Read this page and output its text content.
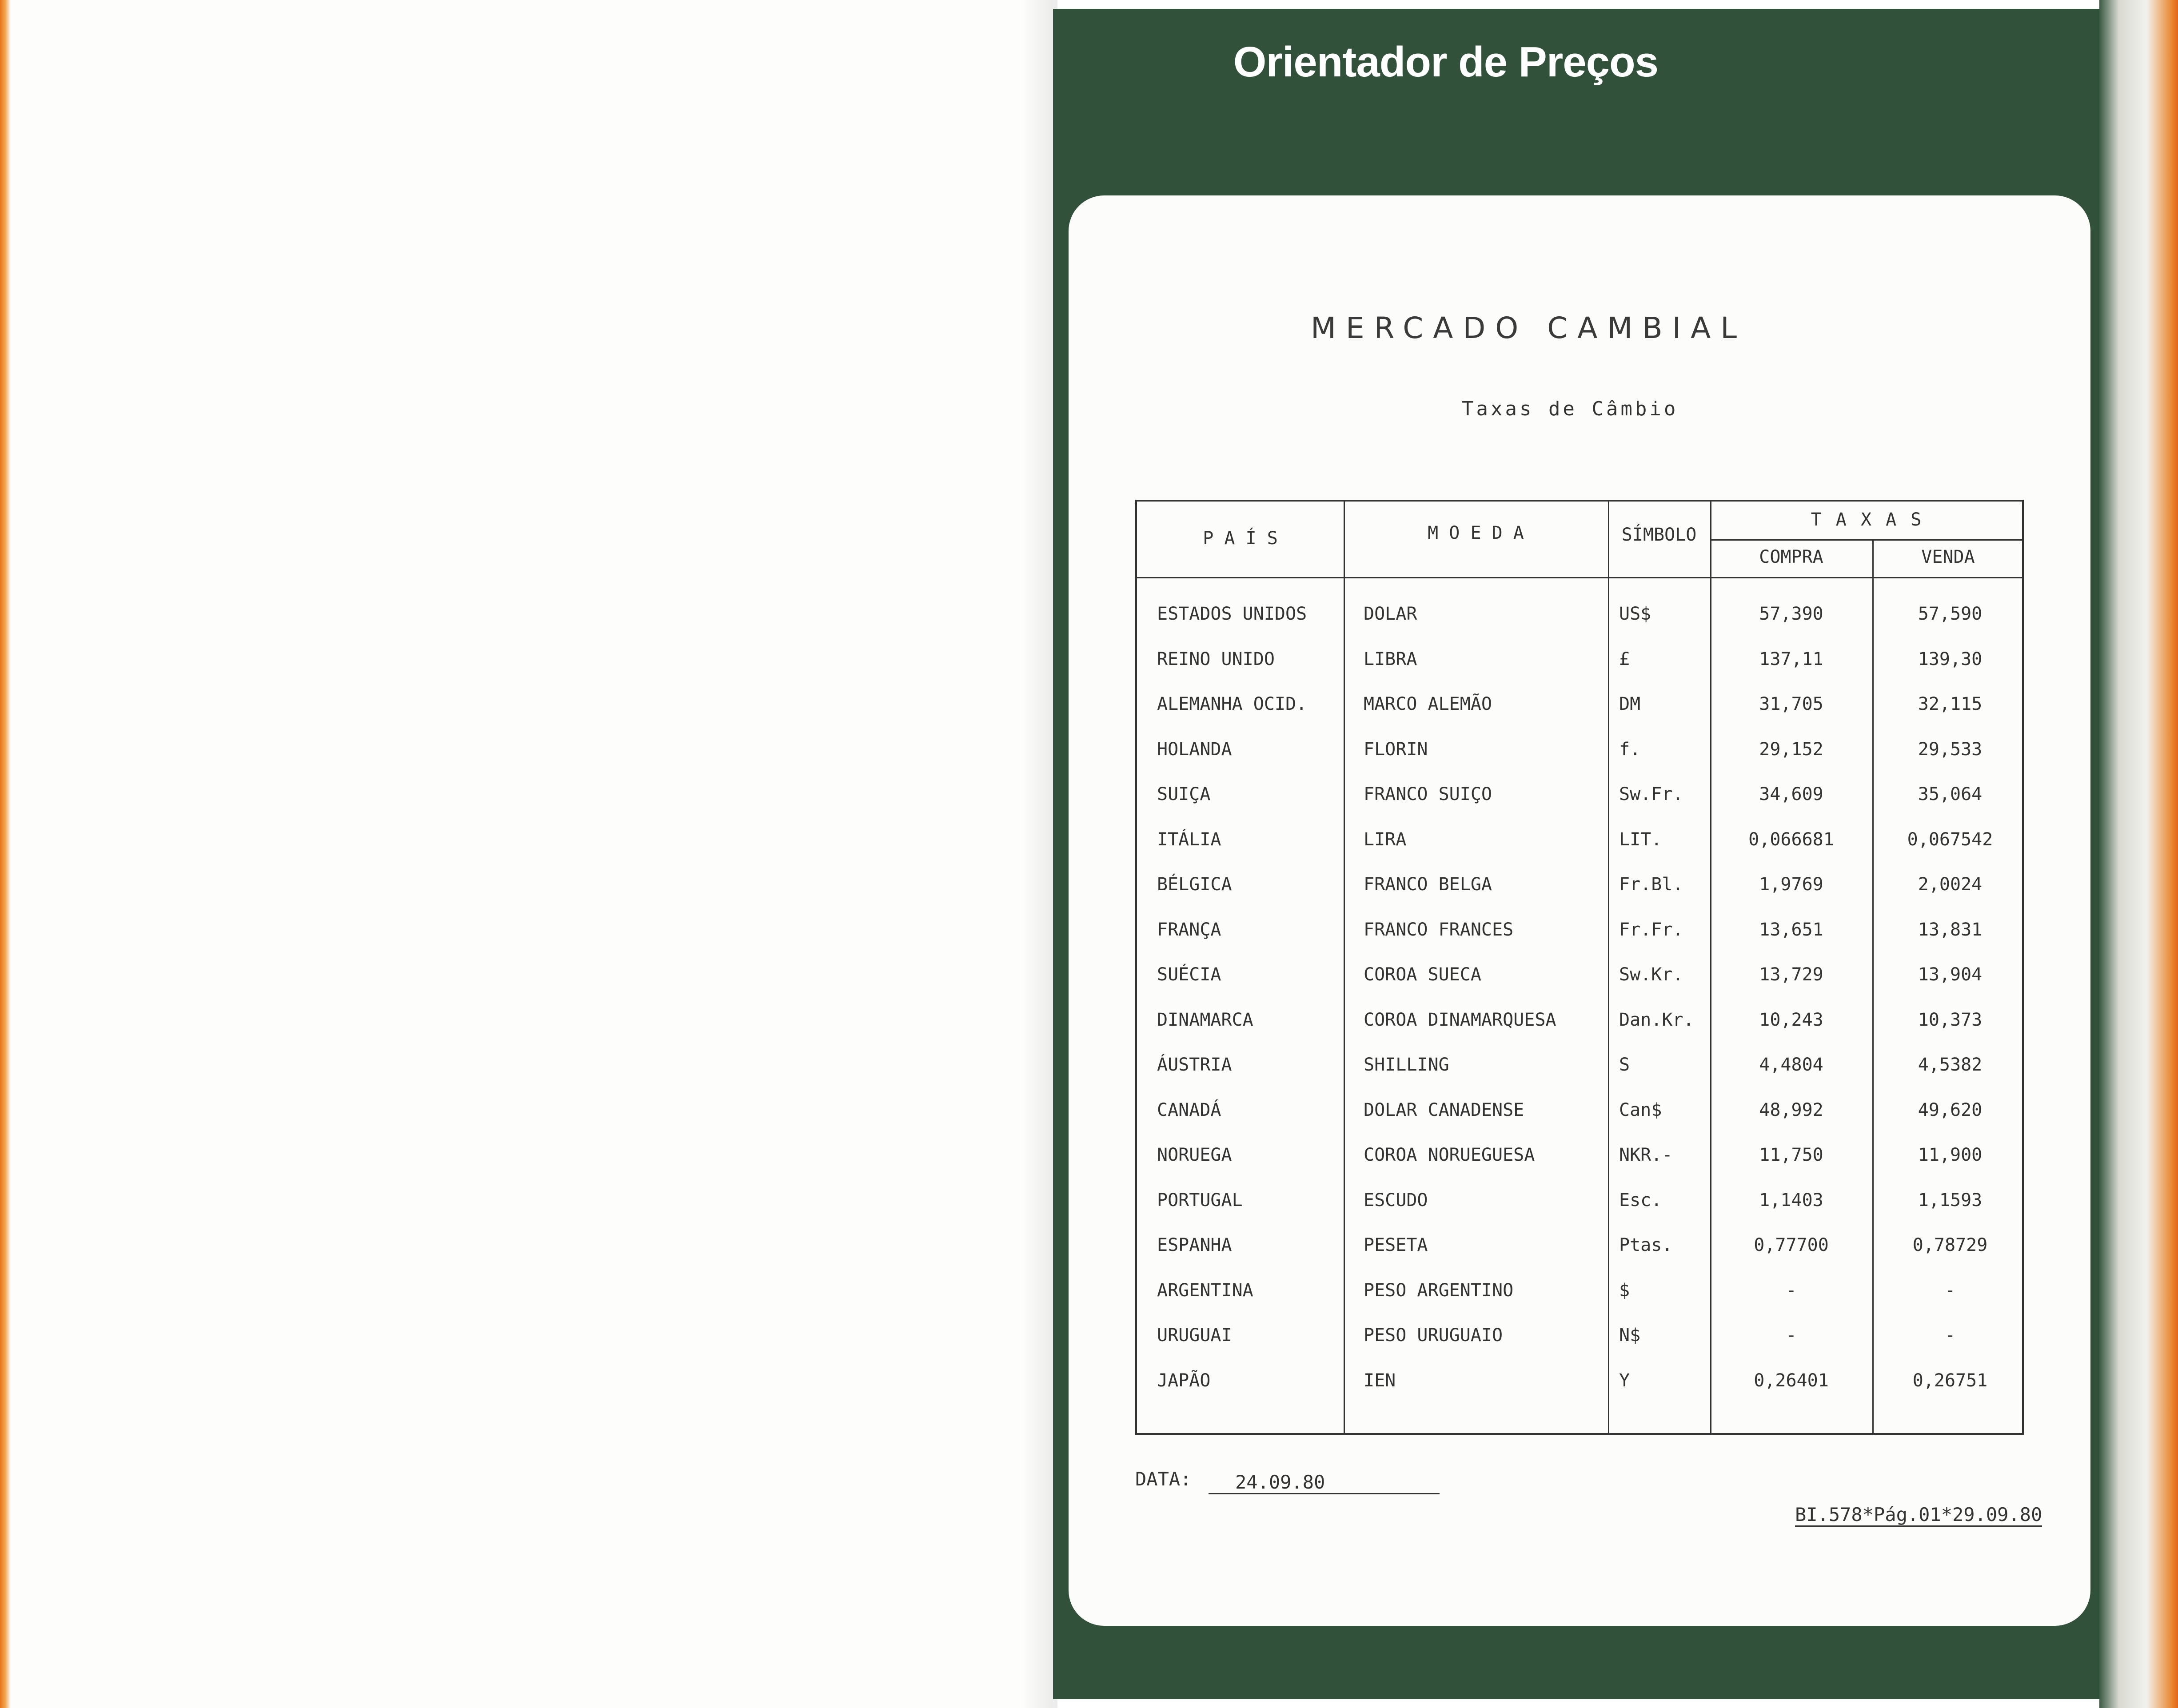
Orientador de Preços
MERCADO CAMBIAL
Taxas de Câmbio
P A Í S	M O E D A	SÍMBOLO
T A X A S
COMPRA	VENDA
ESTADOS UNIDOS	DOLAR	US$	57,390	57,590
REINO UNIDO	LIBRA	£	137,11	139,30
ALEMANHA OCID.	MARCO ALEMÃO	DM	31,705	32,115
HOLANDA	FLORIN	f.	29,152	29,533
SUIÇA	FRANCO SUIÇO	Sw.Fr.	34,609	35,064
ITÁLIA	LIRA	LIT.	0,066681	0,067542
BÉLGICA	FRANCO BELGA	Fr.Bl.	1,9769	2,0024
FRANÇA	FRANCO FRANCES	Fr.Fr.	13,651	13,831
SUÉCIA	COROA SUECA	Sw.Kr.	13,729	13,904
DINAMARCA	COROA DINAMARQUESA	Dan.Kr.	10,243	10,373
ÁUSTRIA	SHILLING	S	4,4804	4,5382
CANADÁ	DOLAR CANADENSE	Can$	48,992	49,620
NORUEGA	COROA NORUEGUESA	NKR.-	11,750	11,900
PORTUGAL	ESCUDO	Esc.	1,1403	1,1593
ESPANHA	PESETA	Ptas.	0,77700	0,78729
ARGENTINA	PESO ARGENTINO	$	-	-
URUGUAI	PESO URUGUAIO	N$	-	-
JAPÃO	IEN	Y	0,26401	0,26751
DATA:	24.09.80
BI.578*Pág.01*29.09.80
